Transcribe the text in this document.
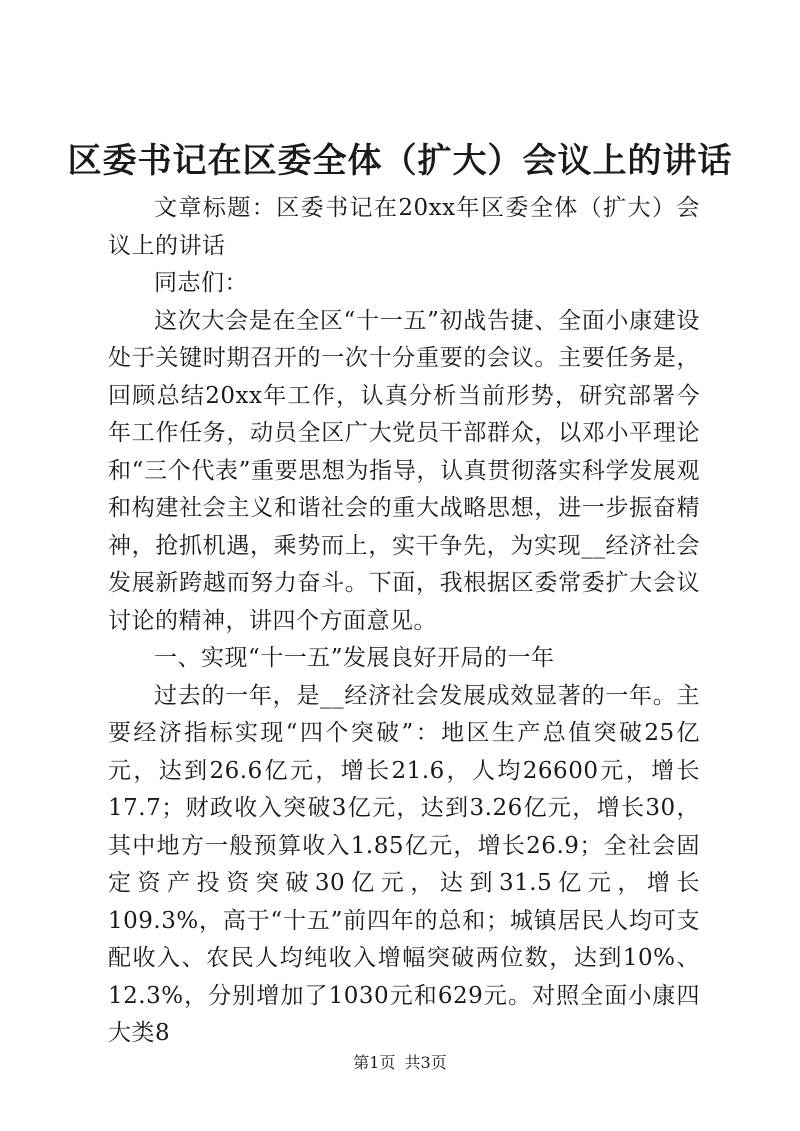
区委书记在区委全体（扩大）会议上的讲话

文章标题：区委书记在20xx年区委全体（扩大）会议上的讲话

同志们：

这次大会是在全区“十一五”初战告捷、全面小康建设处于关键时期召开的一次十分重要的会议。主要任务是，回顾总结20xx年工作，认真分析当前形势，研究部署今年工作任务，动员全区广大党员干部群众，以邓小平理论和“三个代表”重要思想为指导，认真贯彻落实科学发展观和构建社会主义和谐社会的重大战略思想，进一步振奋精神，抢抓机遇，乘势而上，实干争先，为实现__经济社会发展新跨越而努力奋斗。下面，我根据区委常委扩大会议讨论的精神，讲四个方面意见。

一、实现“十一五”发展良好开局的一年

过去的一年，是__经济社会发展成效显著的一年。主要经济指标实现“四个突破”：地区生产总值突破25亿元，达到26.6亿元，增长21.6，人均26600元，增长17.7；财政收入突破3亿元，达到3.26亿元，增长30，其中地方一般预算收入1.85亿元，增长26.9；全社会固定资产投资突破30亿元，达到31.5亿元，增长109.3%，高于“十五”前四年的总和；城镇居民人均可支配收入、农民人均纯收入增幅突破两位数，达到10%、12.3%，分别增加了1030元和629元。对照全面小康四大类8

第1页 共3页
